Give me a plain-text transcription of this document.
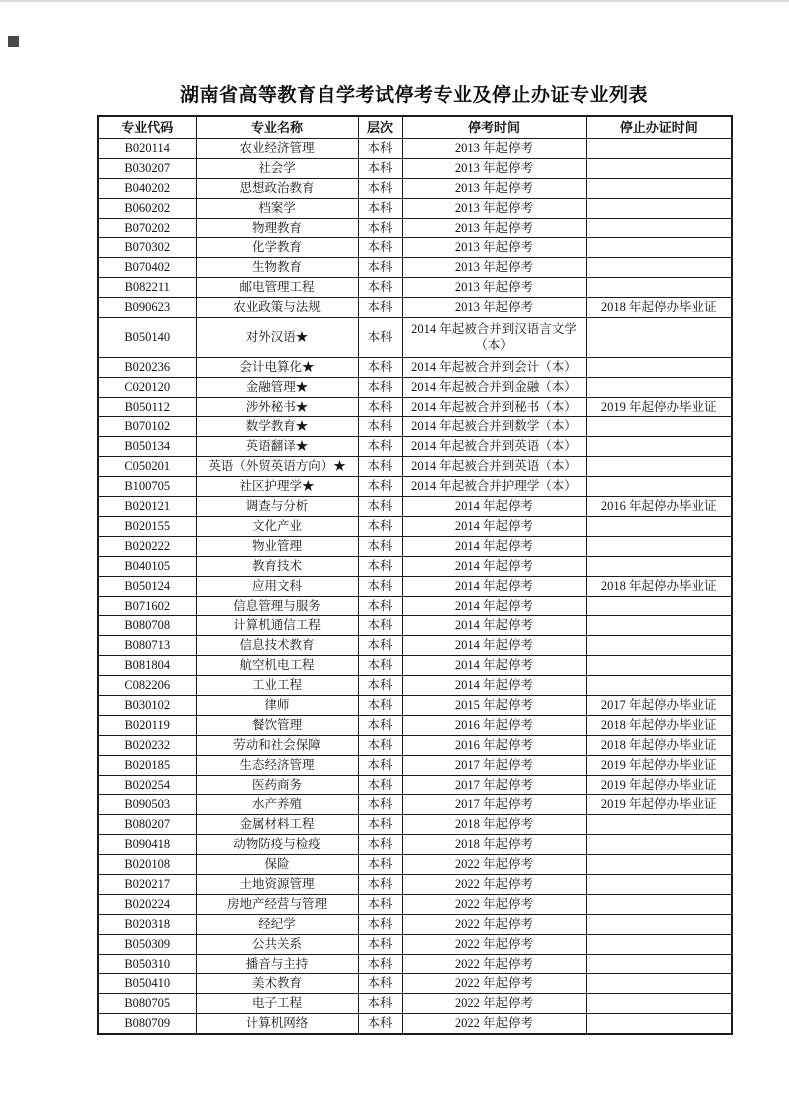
湖南省高等教育自学考试停考专业及停止办证专业列表
专业代码	专业名称	层次	停考时间	停止办证时间
B020114	农业经济管理	本科	2013 年起停考	
B030207	社会学	本科	2013 年起停考	
B040202	思想政治教育	本科	2013 年起停考	
B060202	档案学	本科	2013 年起停考	
B070202	物理教育	本科	2013 年起停考	
B070302	化学教育	本科	2013 年起停考	
B070402	生物教育	本科	2013 年起停考	
B082211	邮电管理工程	本科	2013 年起停考	
B090623	农业政策与法规	本科	2013 年起停考	2018 年起停办毕业证
B050140	对外汉语★	本科	2014 年起被合并到汉语言文学（本）	
B020236	会计电算化★	本科	2014 年起被合并到会计（本）	
C020120	金融管理★	本科	2014 年起被合并到金融（本）	
B050112	涉外秘书★	本科	2014 年起被合并到秘书（本）	2019 年起停办毕业证
B070102	数学教育★	本科	2014 年起被合并到数学（本）	
B050134	英语翻译★	本科	2014 年起被合并到英语（本）	
C050201	英语（外贸英语方向）★	本科	2014 年起被合并到英语（本）	
B100705	社区护理学★	本科	2014 年起被合并护理学（本）	
B020121	调查与分析	本科	2014 年起停考	2016 年起停办毕业证
B020155	文化产业	本科	2014 年起停考	
B020222	物业管理	本科	2014 年起停考	
B040105	教育技术	本科	2014 年起停考	
B050124	应用文科	本科	2014 年起停考	2018 年起停办毕业证
B071602	信息管理与服务	本科	2014 年起停考	
B080708	计算机通信工程	本科	2014 年起停考	
B080713	信息技术教育	本科	2014 年起停考	
B081804	航空机电工程	本科	2014 年起停考	
C082206	工业工程	本科	2014 年起停考	
B030102	律师	本科	2015 年起停考	2017 年起停办毕业证
B020119	餐饮管理	本科	2016 年起停考	2018 年起停办毕业证
B020232	劳动和社会保障	本科	2016 年起停考	2018 年起停办毕业证
B020185	生态经济管理	本科	2017 年起停考	2019 年起停办毕业证
B020254	医药商务	本科	2017 年起停考	2019 年起停办毕业证
B090503	水产养殖	本科	2017 年起停考	2019 年起停办毕业证
B080207	金属材料工程	本科	2018 年起停考	
B090418	动物防疫与检疫	本科	2018 年起停考	
B020108	保险	本科	2022 年起停考	
B020217	土地资源管理	本科	2022 年起停考	
B020224	房地产经营与管理	本科	2022 年起停考	
B020318	经纪学	本科	2022 年起停考	
B050309	公共关系	本科	2022 年起停考	
B050310	播音与主持	本科	2022 年起停考	
B050410	美术教育	本科	2022 年起停考	
B080705	电子工程	本科	2022 年起停考	
B080709	计算机网络	本科	2022 年起停考	
